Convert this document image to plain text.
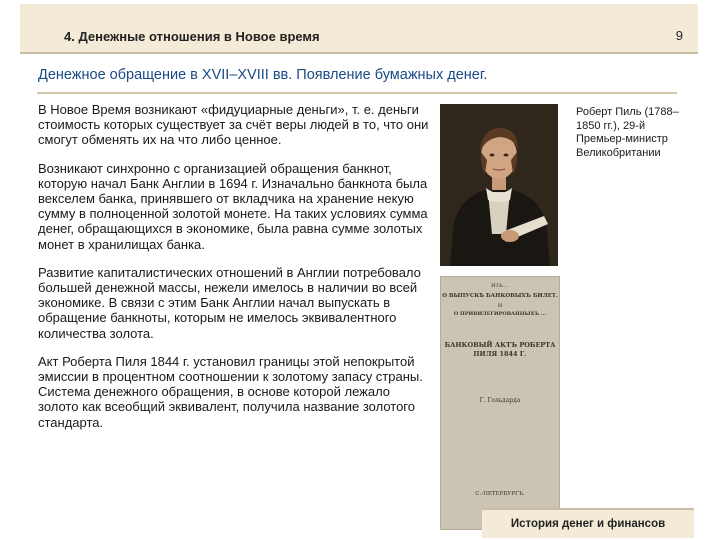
4. Денежные отношения в Новое время	9
Денежное обращение в XVII–XVIII вв. Появление бумажных денег.

В Новое Время возникают «фидуциарные деньги», т. е. деньги стоимость которых существует за счёт веры людей в то, что они смогут обменять их на что либо ценное.

Возникают синхронно с организацией обращения банкнот, которую начал Банк Англии в 1694 г. Изначально банкнота была векселем банка, принявшего от вкладчика на хранение некую сумму в полноценной золотой монете. На таких условиях сумма денег, обращающихся в экономике, была равна сумме золотых монет в хранилищах банка.

Развитие капиталистических отношений в Англии потребовало большей денежной массы, нежели имелось в наличии во всей экономике. В связи с этим Банк Англии начал выпускать в обращение банкноты, которым не имелось эквивалентного количества золота.

Акт Роберта Пиля 1844 г. установил границы этой непокрытой эмиссии в процентном соотношении к золотому запасу страны. Система денежного обращения, в основе которой лежало золото как всеобщий эквивалент, получила название золотого стандарта.

ИЗЪ ...
О ВЫПУСКѢ БАНКОВЫХЪ БИЛЕТ.
И
О ПРИВИЛЕГИРОВАННЫХЪ ...
БАНКОВЫЙ АКТЪ РОБЕРТА ПИЛЯ 1844 Г.
Г. Гольдарда
С.-ПЕТЕРБУРГЪ.
Роберт Пиль (1788–1850 гг.), 29-й Премьер-министр Великобритании
История денег и финансов
